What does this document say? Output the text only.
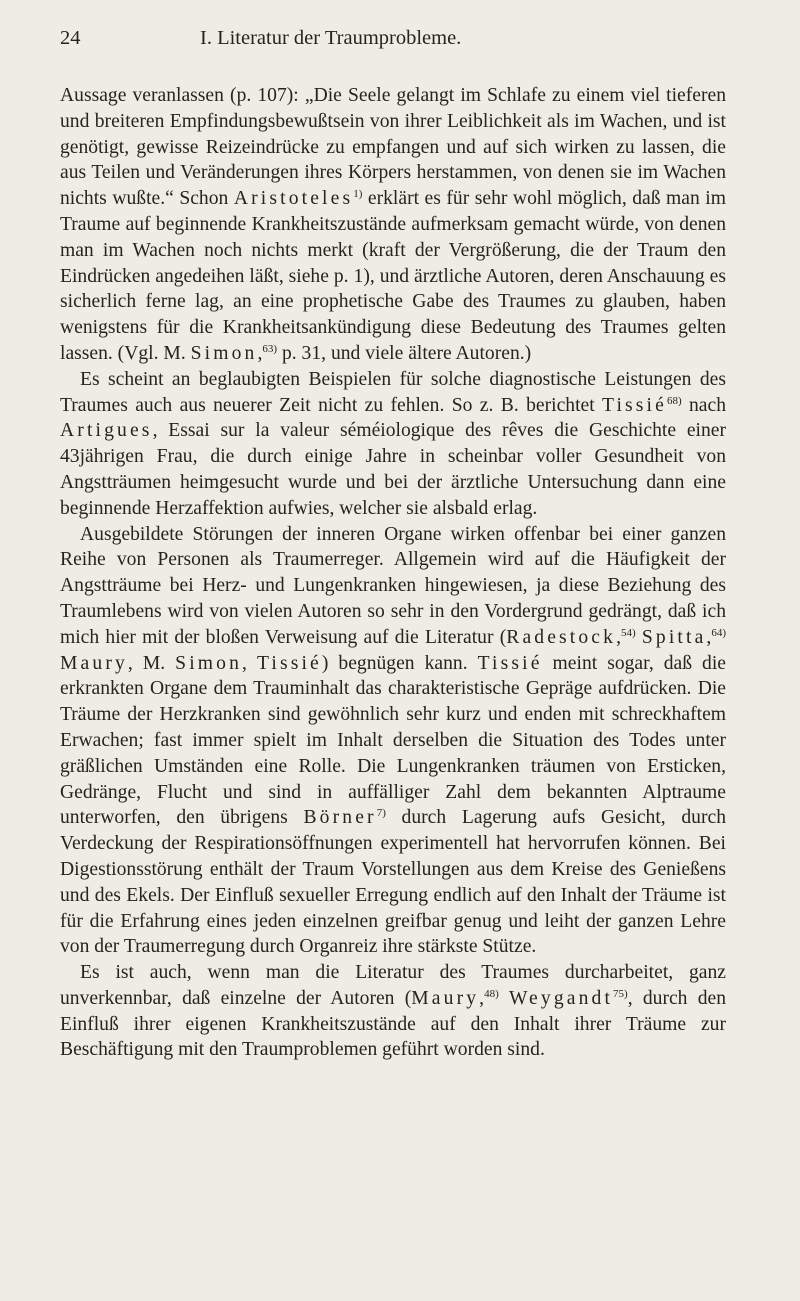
24	I. Literatur der Traumprobleme.

Aussage veranlassen (p. 107): „Die Seele gelangt im Schlafe zu einem viel tieferen und breiteren Empfindungsbewußtsein von ihrer Leiblichkeit als im Wachen, und ist genötigt, gewisse Reizeindrücke zu empfangen und auf sich wirken zu lassen, die aus Teilen und Veränderungen ihres Körpers herstammen, von denen sie im Wachen nichts wußte.“ Schon Aristoteles$^{1)}$ erklärt es für sehr wohl möglich, daß man im Traume auf beginnende Krankheitszustände aufmerksam gemacht würde, von denen man im Wachen noch nichts merkt (kraft der Vergrößerung, die der Traum den Eindrücken angedeihen läßt, siehe p. 1), und ärztliche Autoren, deren Anschauung es sicherlich ferne lag, an eine prophetische Gabe des Traumes zu glauben, haben wenigstens für die Krankheitsankündigung diese Bedeutung des Traumes gelten lassen. (Vgl. M. Simon,$^{63)}$ p. 31, und viele ältere Autoren.)

Es scheint an beglaubigten Beispielen für solche diagnostische Leistungen des Traumes auch aus neuerer Zeit nicht zu fehlen. So z. B. berichtet Tissié$^{68)}$ nach Artigues, Essai sur la valeur séméiologique des rêves die Geschichte einer 43jährigen Frau, die durch einige Jahre in scheinbar voller Gesundheit von Angstträumen heimgesucht wurde und bei der ärztliche Untersuchung dann eine beginnende Herzaffektion aufwies, welcher sie alsbald erlag.

Ausgebildete Störungen der inneren Organe wirken offenbar bei einer ganzen Reihe von Personen als Traumerreger. Allgemein wird auf die Häufigkeit der Angstträume bei Herz- und Lungenkranken hingewiesen, ja diese Beziehung des Traumlebens wird von vielen Autoren so sehr in den Vordergrund gedrängt, daß ich mich hier mit der bloßen Verweisung auf die Literatur (Radestock,$^{54)}$ Spitta,$^{64)}$ Maury, M. Simon, Tissié) begnügen kann. Tissié meint sogar, daß die erkrankten Organe dem Trauminhalt das charakteristische Gepräge aufdrücken. Die Träume der Herzkranken sind gewöhnlich sehr kurz und enden mit schreckhaftem Erwachen; fast immer spielt im Inhalt derselben die Situation des Todes unter gräßlichen Umständen eine Rolle. Die Lungenkranken träumen von Ersticken, Gedränge, Flucht und sind in auffälliger Zahl dem bekannten Alptraume unterworfen, den übrigens Börner$^{7)}$ durch Lagerung aufs Gesicht, durch Verdeckung der Respirationsöffnungen experimentell hat hervorrufen können. Bei Digestionsstörung enthält der Traum Vorstellungen aus dem Kreise des Genießens und des Ekels. Der Einfluß sexueller Erregung endlich auf den Inhalt der Träume ist für die Erfahrung eines jeden einzelnen greifbar genug und leiht der ganzen Lehre von der Traumerregung durch Organreiz ihre stärkste Stütze.

Es ist auch, wenn man die Literatur des Traumes durcharbeitet, ganz unverkennbar, daß einzelne der Autoren (Maury,$^{48)}$ Weygandt$^{75)}$, durch den Einfluß ihrer eigenen Krankheitszustände auf den Inhalt ihrer Träume zur Beschäftigung mit den Traumproblemen geführt worden sind.
